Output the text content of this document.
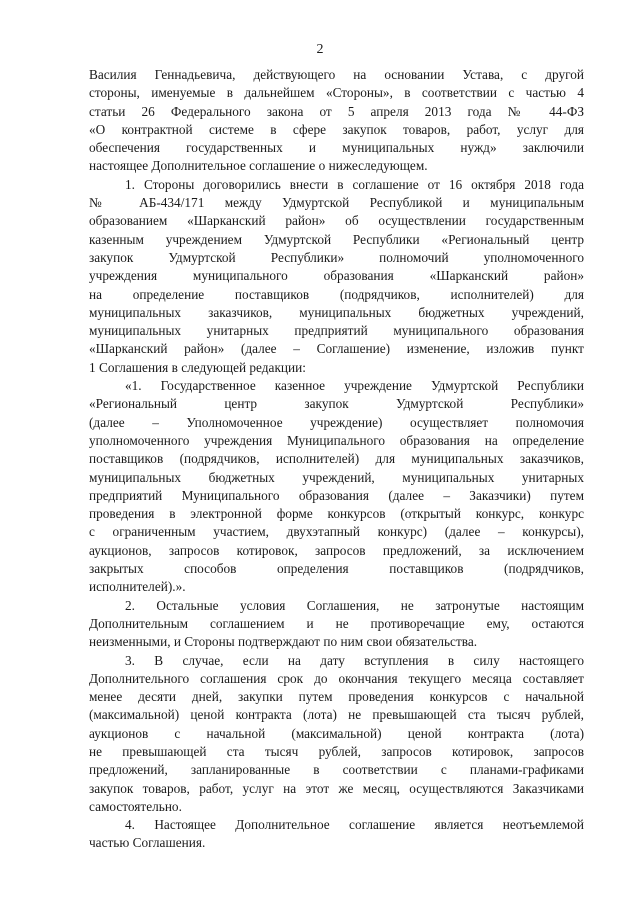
2
Василия Геннадьевича, действующего на основании Устава, с другой
стороны, именуемые в дальнейшем «Стороны», в соответствии с частью 4
статьи 26 Федерального закона от 5 апреля 2013 года № 44-ФЗ
«О контрактной системе в сфере закупок товаров, работ, услуг для
обеспечения государственных и муниципальных нужд» заключили
настоящее Дополнительное соглашение о нижеследующем.
1. Стороны договорились внести в соглашение от 16 октября 2018 года
№ АБ-434/171 между Удмуртской Республикой и муниципальным
образованием «Шарканский район» об осуществлении государственным
казенным учреждением Удмуртской Республики «Региональный центр
закупок Удмуртской Республики» полномочий уполномоченного
учреждения муниципального образования «Шарканский район»
на определение поставщиков (подрядчиков, исполнителей) для
муниципальных заказчиков, муниципальных бюджетных учреждений,
муниципальных унитарных предприятий муниципального образования
«Шарканский район» (далее – Соглашение) изменение, изложив пункт
1 Соглашения в следующей редакции:
«1. Государственное казенное учреждение Удмуртской Республики
«Региональный центр закупок Удмуртской Республики»
(далее – Уполномоченное учреждение) осуществляет полномочия
уполномоченного учреждения Муниципального образования на определение
поставщиков (подрядчиков, исполнителей) для муниципальных заказчиков,
муниципальных бюджетных учреждений, муниципальных унитарных
предприятий Муниципального образования (далее – Заказчики) путем
проведения в электронной форме конкурсов (открытый конкурс, конкурс
с ограниченным участием, двухэтапный конкурс) (далее – конкурсы),
аукционов, запросов котировок, запросов предложений, за исключением
закрытых способов определения поставщиков (подрядчиков,
исполнителей).».
2. Остальные условия Соглашения, не затронутые настоящим
Дополнительным соглашением и не противоречащие ему, остаются
неизменными, и Стороны подтверждают по ним свои обязательства.
3. В случае, если на дату вступления в силу настоящего
Дополнительного соглашения срок до окончания текущего месяца составляет
менее десяти дней, закупки путем проведения конкурсов с начальной
(максимальной) ценой контракта (лота) не превышающей ста тысяч рублей,
аукционов с начальной (максимальной) ценой контракта (лота)
не превышающей ста тысяч рублей, запросов котировок, запросов
предложений, запланированные в соответствии с планами-графиками
закупок товаров, работ, услуг на этот же месяц, осуществляются Заказчиками
самостоятельно.
4. Настоящее Дополнительное соглашение является неотъемлемой
частью Соглашения.
